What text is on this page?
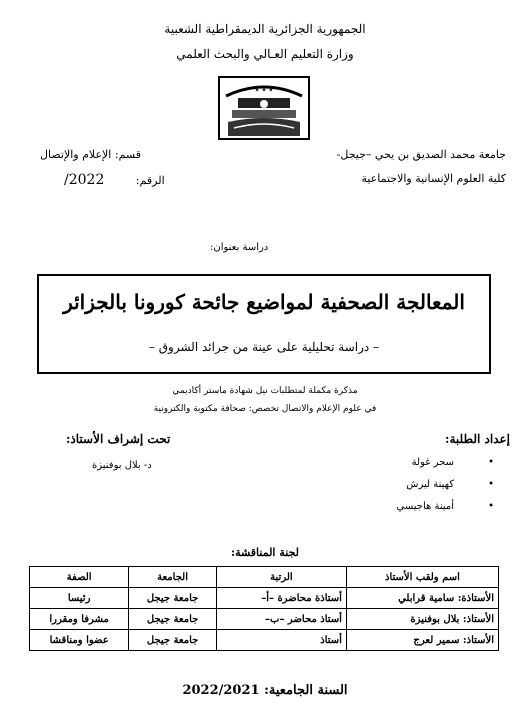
الجمهورية الجزائرية الديمقراطية الشعبية
وزارة التعليم العـالي والبحث العلمي
✦ ✦ ✦
جامعة محمد الصديق بن يحي –جيجل-
كلية العلوم الإنسانية والاجتماعية
قسم: الإعلام والإتصال
الرقم: 2022/
دراسة بعنوان:
المعالجة الصحفية لمواضيع جائحة كورونا بالجزائر
– دراسة تحليلية على عينة من جرائد الشروق –
مذكرة مكملة لمتطلبات نيل شهادة ماستر أكاديمي
في علوم الإعلام والاتصال تخصص: صحافة مكتوبة والكترونية
إعداد الطلبة:
تحت إشراف الأستاذ:
•
سحر غولة
•
كهينة ليرش
•
أمينة هاجيسي
د- بلال بوفنيزة
لجنة المناقشة:
اسم ولقب الأستاذ	الرتبة	الجامعة	الصفة
الأستاذة: سامية قرابلي	أستاذة محاضرة –أ–	جامعة جيجل	رئيسا
الأستاذ: بلال بوفنيزة	أستاذ محاضر –ب–	جامعة جيجل	مشرفا ومقررا
الأستاذ: سمير لعرج	أستاذ	جامعة جيجل	عضوا ومناقشا
السنة الجامعية: 2022/2021
